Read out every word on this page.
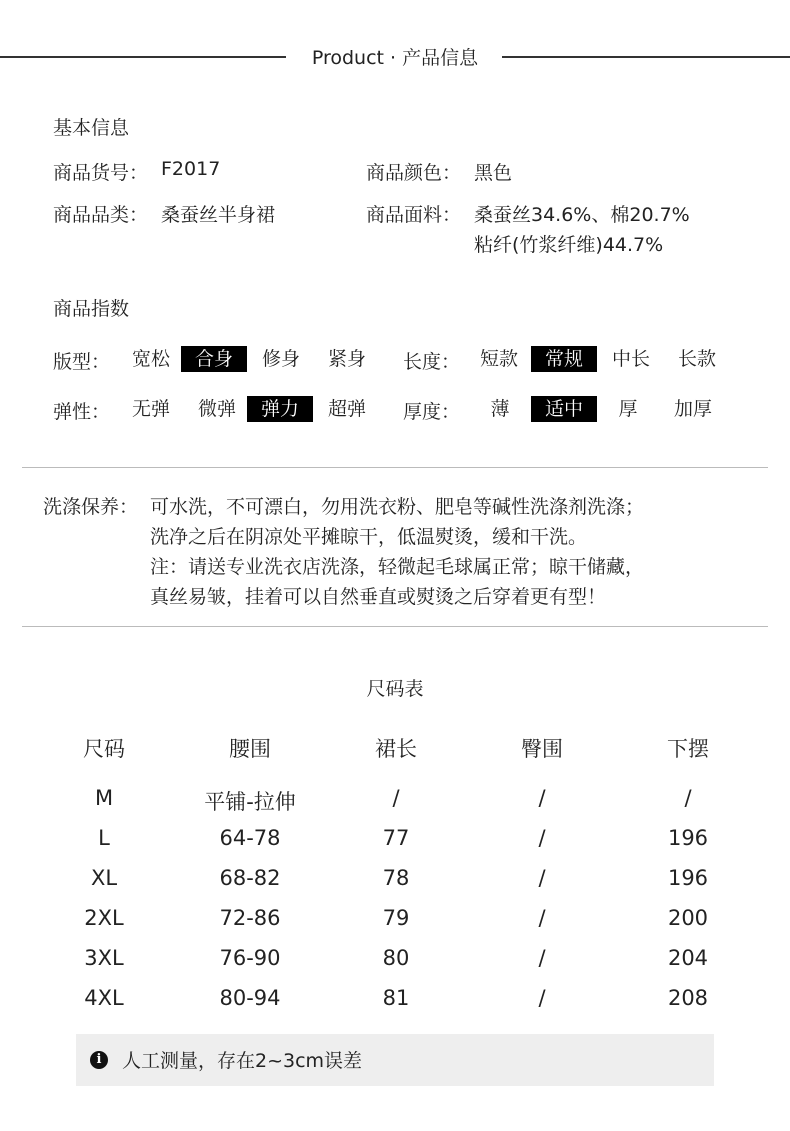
Product · 产品信息
基本信息
商品货号： F2017	商品颜色： 黑色
商品品类： 桑蚕丝半身裙	商品面料： 桑蚕丝34.6%、棉20.7%
粘纤(竹浆纤维)44.7%
商品指数
版型：	宽松	合身	修身	紧身	长度：	短款	常规	中长	长款
弹性：	无弹	微弹	弹力	超弹	厚度：	薄	适中	厚	加厚
洗涤保养： 可水洗，不可漂白，勿用洗衣粉、肥皂等碱性洗涤剂洗涤；
洗净之后在阴凉处平摊晾干，低温熨烫，缓和干洗。
注：请送专业洗衣店洗涤，轻微起毛球属正常；晾干储藏，
真丝易皱，挂着可以自然垂直或熨烫之后穿着更有型！
尺码表
尺码	腰围	裙长	臀围	下摆
M	平铺-拉伸	/	/	/
L	64-78	77	/	196
XL	68-82	78	/	196
2XL	72-86	79	/	200
3XL	76-90	80	/	204
4XL	80-94	81	/	208
i	人工测量，存在2~3cm误差
